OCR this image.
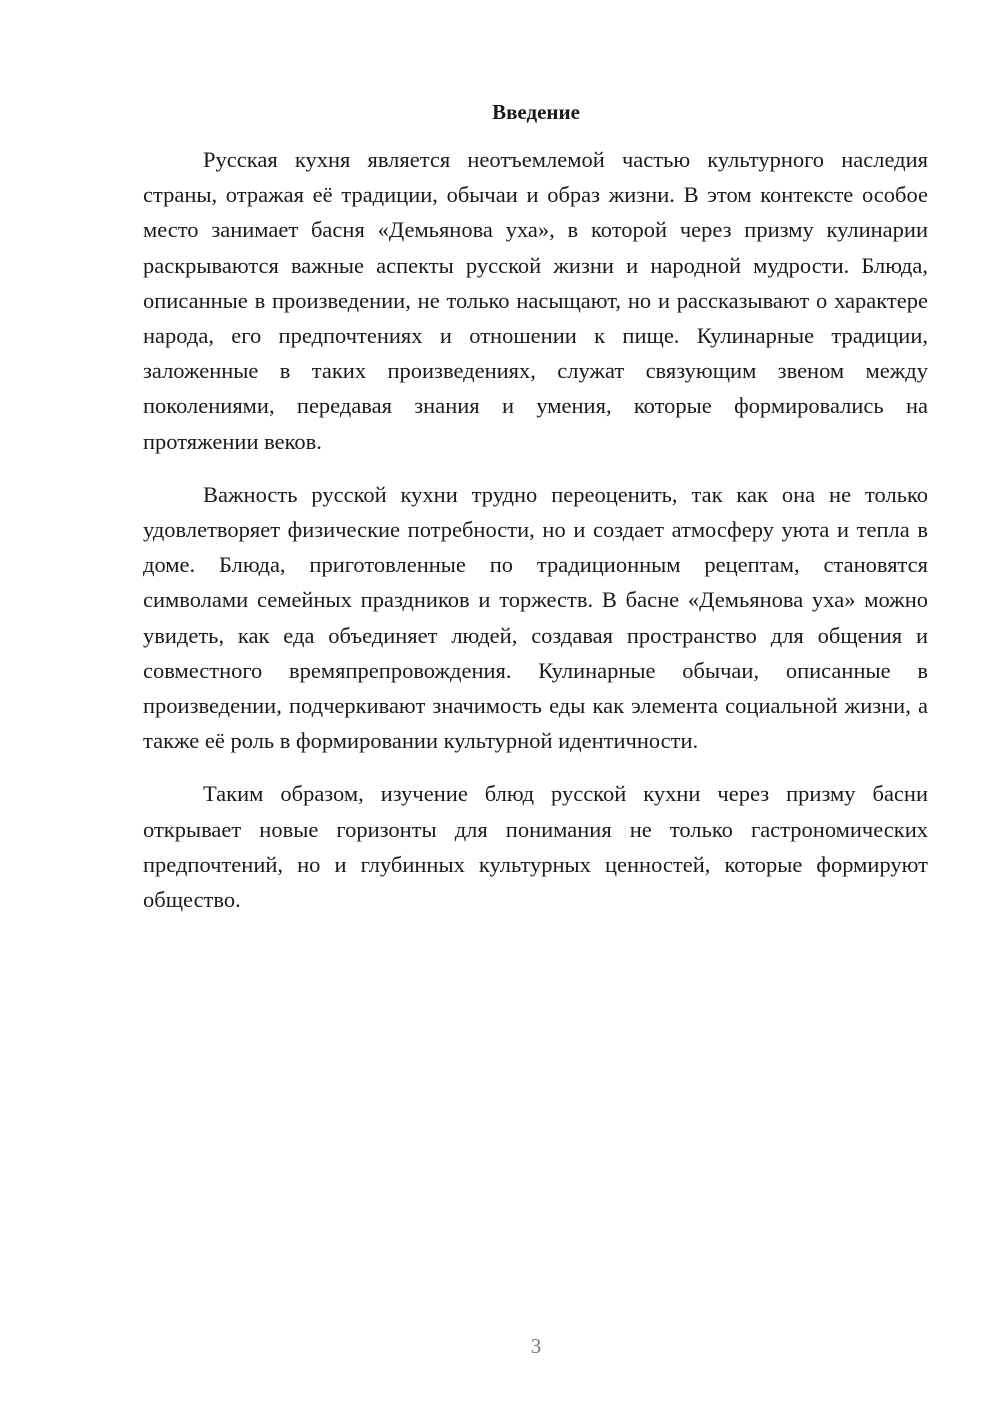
Введение

Русская кухня является неотъемлемой частью культурного наследия страны, отражая её традиции, обычаи и образ жизни. В этом контексте особое место занимает басня «Демьянова уха», в которой через призму кулинарии раскрываются важные аспекты русской жизни и народной мудрости. Блюда, описанные в произведении, не только насыщают, но и рассказывают о характере народа, его предпочтениях и отношении к пище. Кулинарные традиции, заложенные в таких произведениях, служат связующим звеном между поколениями, передавая знания и умения, которые формировались на протяжении веков.

Важность русской кухни трудно переоценить, так как она не только удовлетворяет физические потребности, но и создает атмосферу уюта и тепла в доме. Блюда, приготовленные по традиционным рецептам, становятся символами семейных праздников и торжеств. В басне «Демьянова уха» можно увидеть, как еда объединяет людей, создавая пространство для общения и совместного времяпрепровождения. Кулинарные обычаи, описанные в произведении, подчеркивают значимость еды как элемента социальной жизни, а также её роль в формировании культурной идентичности.

Таким образом, изучение блюд русской кухни через призму басни открывает новые горизонты для понимания не только гастрономических предпочтений, но и глубинных культурных ценностей, которые формируют общество.

3
